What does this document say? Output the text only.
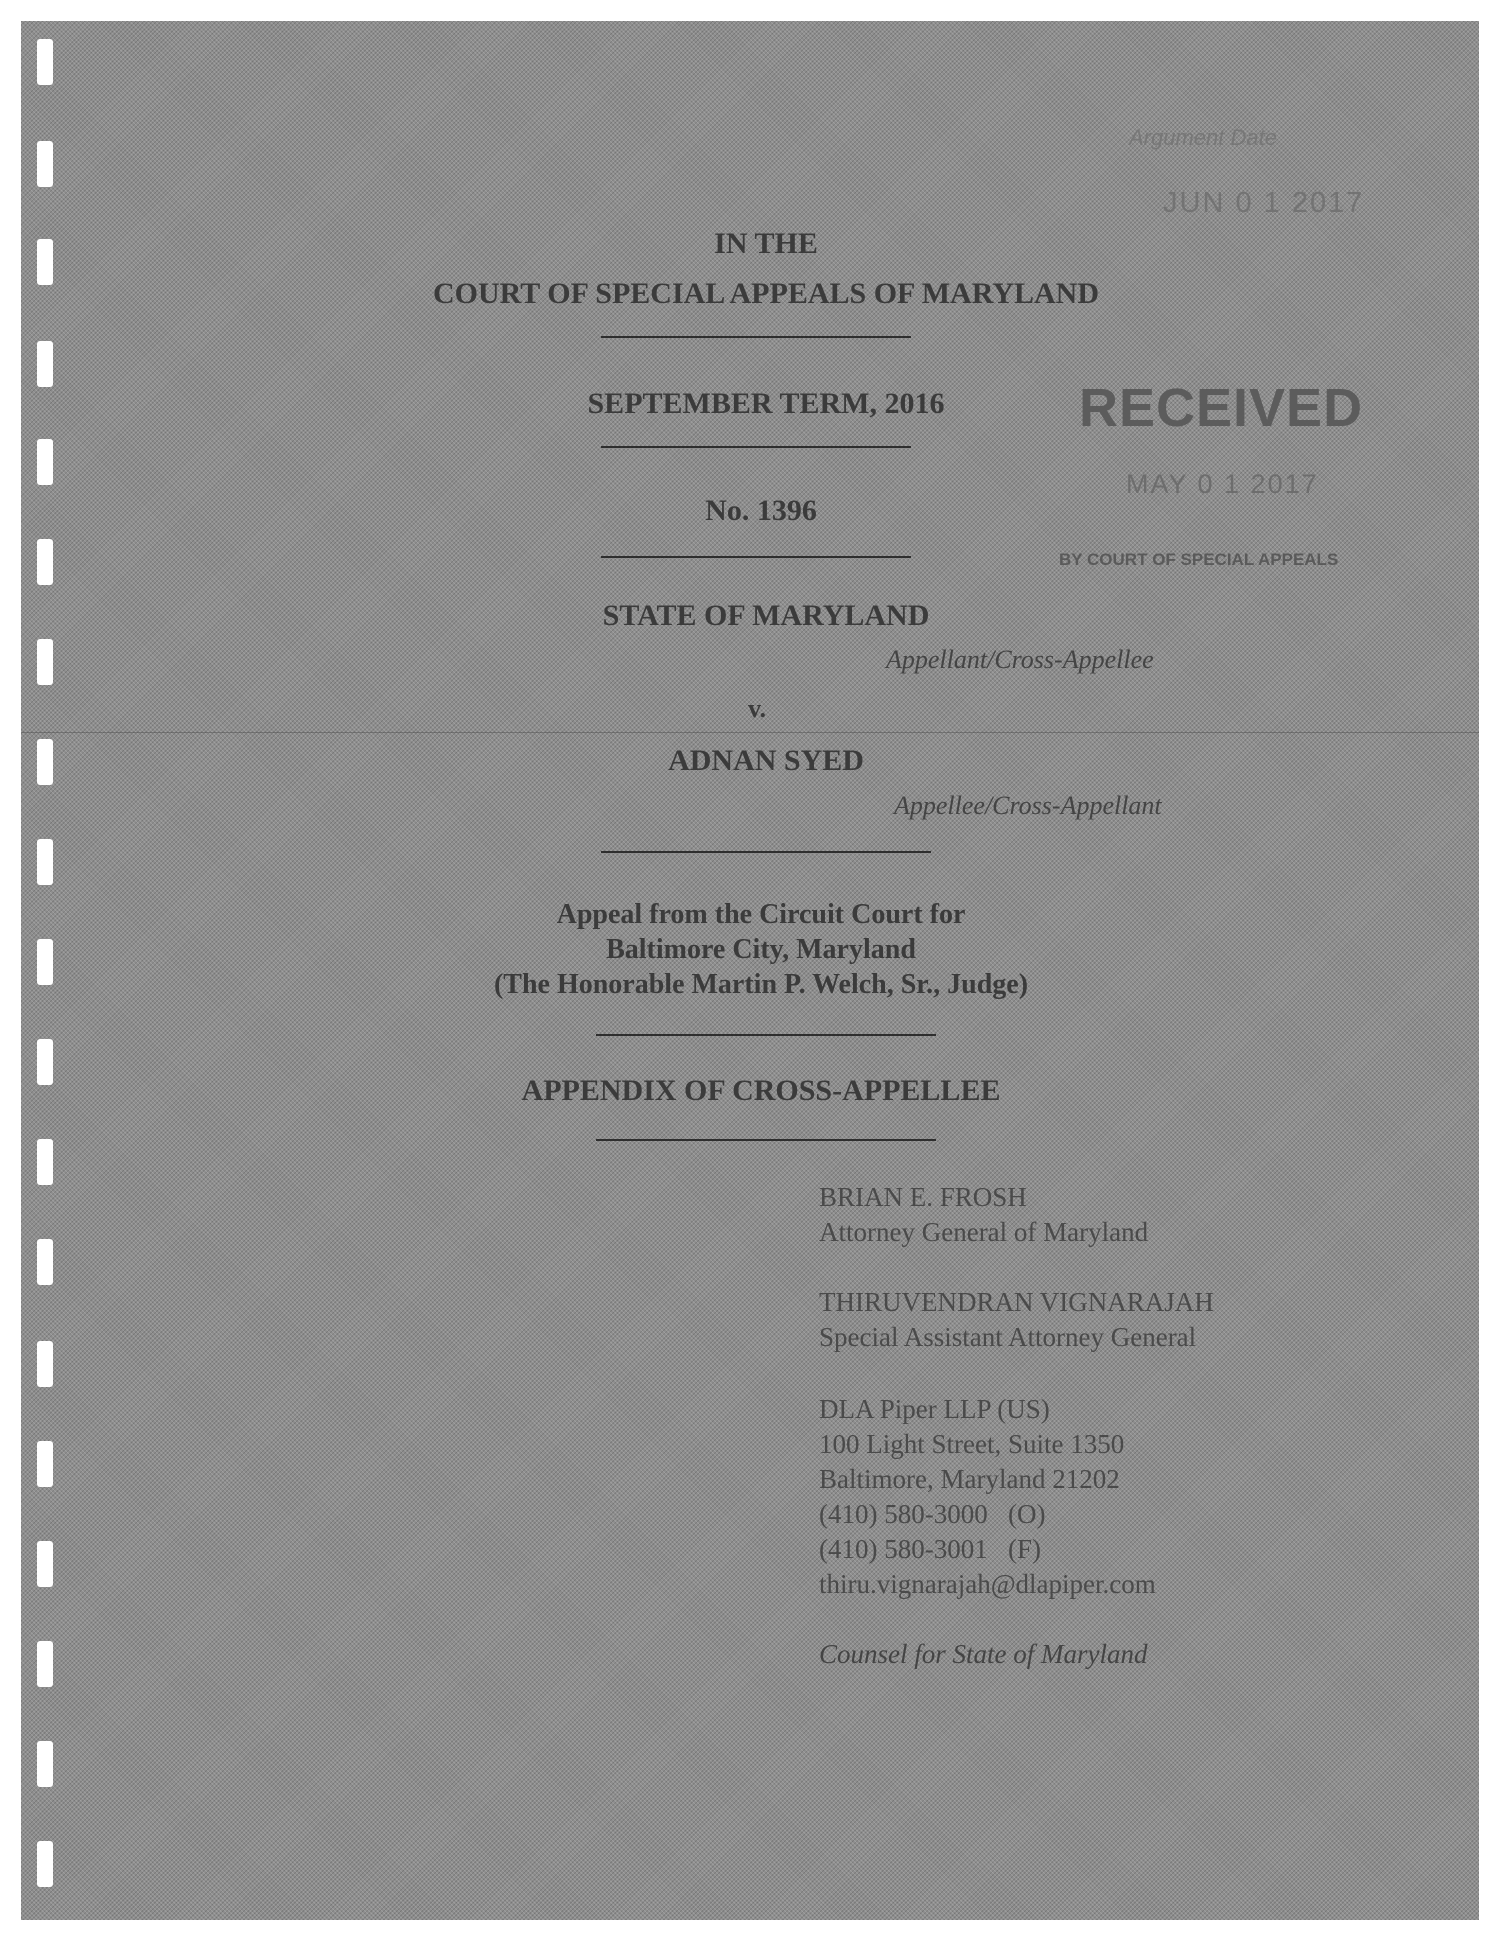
Argument Date
JUN 0 1 2017
RECEIVED
MAY 0 1 2017
BY COURT OF SPECIAL APPEALS
IN THE
COURT OF SPECIAL APPEALS OF MARYLAND
SEPTEMBER TERM, 2016
No. 1396
STATE OF MARYLAND
Appellant/Cross-Appellee
v.
ADNAN SYED
Appellee/Cross-Appellant
Appeal from the Circuit Court for
Baltimore City, Maryland
(The Honorable Martin P. Welch, Sr., Judge)
APPENDIX OF CROSS-APPELLEE
BRIAN E. FROSH
Attorney General of Maryland
THIRUVENDRAN VIGNARAJAH
Special Assistant Attorney General
DLA Piper LLP (US)
100 Light Street, Suite 1350
Baltimore, Maryland 21202
(410) 580-3000   (O)
(410) 580-3001   (F)
thiru.vignarajah@dlapiper.com
Counsel for State of Maryland
